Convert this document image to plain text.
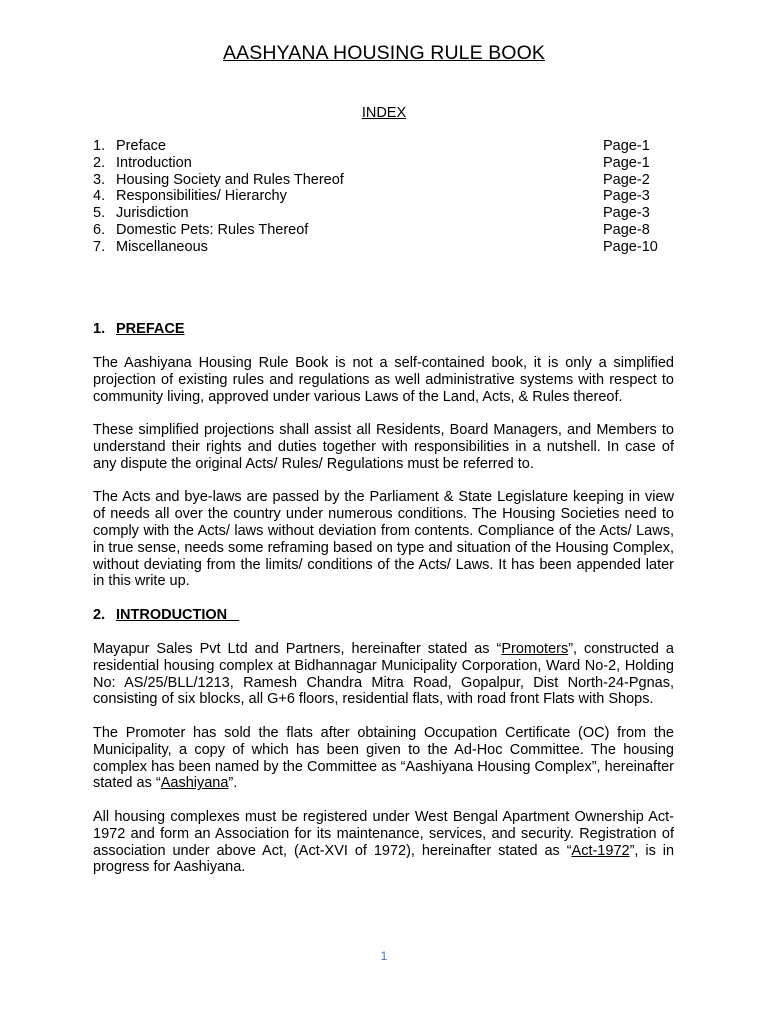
AASHYANA HOUSING RULE BOOK
INDEX
1. Preface	Page-1
2. Introduction	Page-1
3. Housing Society and Rules Thereof	Page-2
4. Responsibilities/ Hierarchy	Page-3
5. Jurisdiction	Page-3
6. Domestic Pets: Rules Thereof	Page-8
7. Miscellaneous	Page-10
1. PREFACE

The Aashiyana Housing Rule Book is not a self-contained book, it is only a simplified projection of existing rules and regulations as well administrative systems with respect to community living, approved under various Laws of the Land, Acts, & Rules thereof.

These simplified projections shall assist all Residents, Board Managers, and Members to understand their rights and duties together with responsibilities in a nutshell. In case of any dispute the original Acts/ Rules/ Regulations must be referred to.

The Acts and bye-laws are passed by the Parliament & State Legislature keeping in view of needs all over the country under numerous conditions. The Housing Societies need to comply with the Acts/ laws without deviation from contents. Compliance of the Acts/ Laws, in true sense, needs some reframing based on type and situation of the Housing Complex, without deviating from the limits/ conditions of the Acts/ Laws. It has been appended later in this write up.

2. INTRODUCTION

Mayapur Sales Pvt Ltd and Partners, hereinafter stated as “Promoters”, constructed a residential housing complex at Bidhannagar Municipality Corporation, Ward No-2, Holding No: AS/25/BLL/1213, Ramesh Chandra Mitra Road, Gopalpur, Dist North-24-Pgnas, consisting of six blocks, all G+6 floors, residential flats, with road front Flats with Shops.

The Promoter has sold the flats after obtaining Occupation Certificate (OC) from the Municipality, a copy of which has been given to the Ad-Hoc Committee. The housing complex has been named by the Committee as “Aashiyana Housing Complex”, hereinafter stated as “Aashiyana”.

All housing complexes must be registered under West Bengal Apartment Ownership Act-1972 and form an Association for its maintenance, services, and security. Registration of association under above Act, (Act-XVI of 1972), hereinafter stated as “Act-1972”, is in progress for Aashiyana.

1
